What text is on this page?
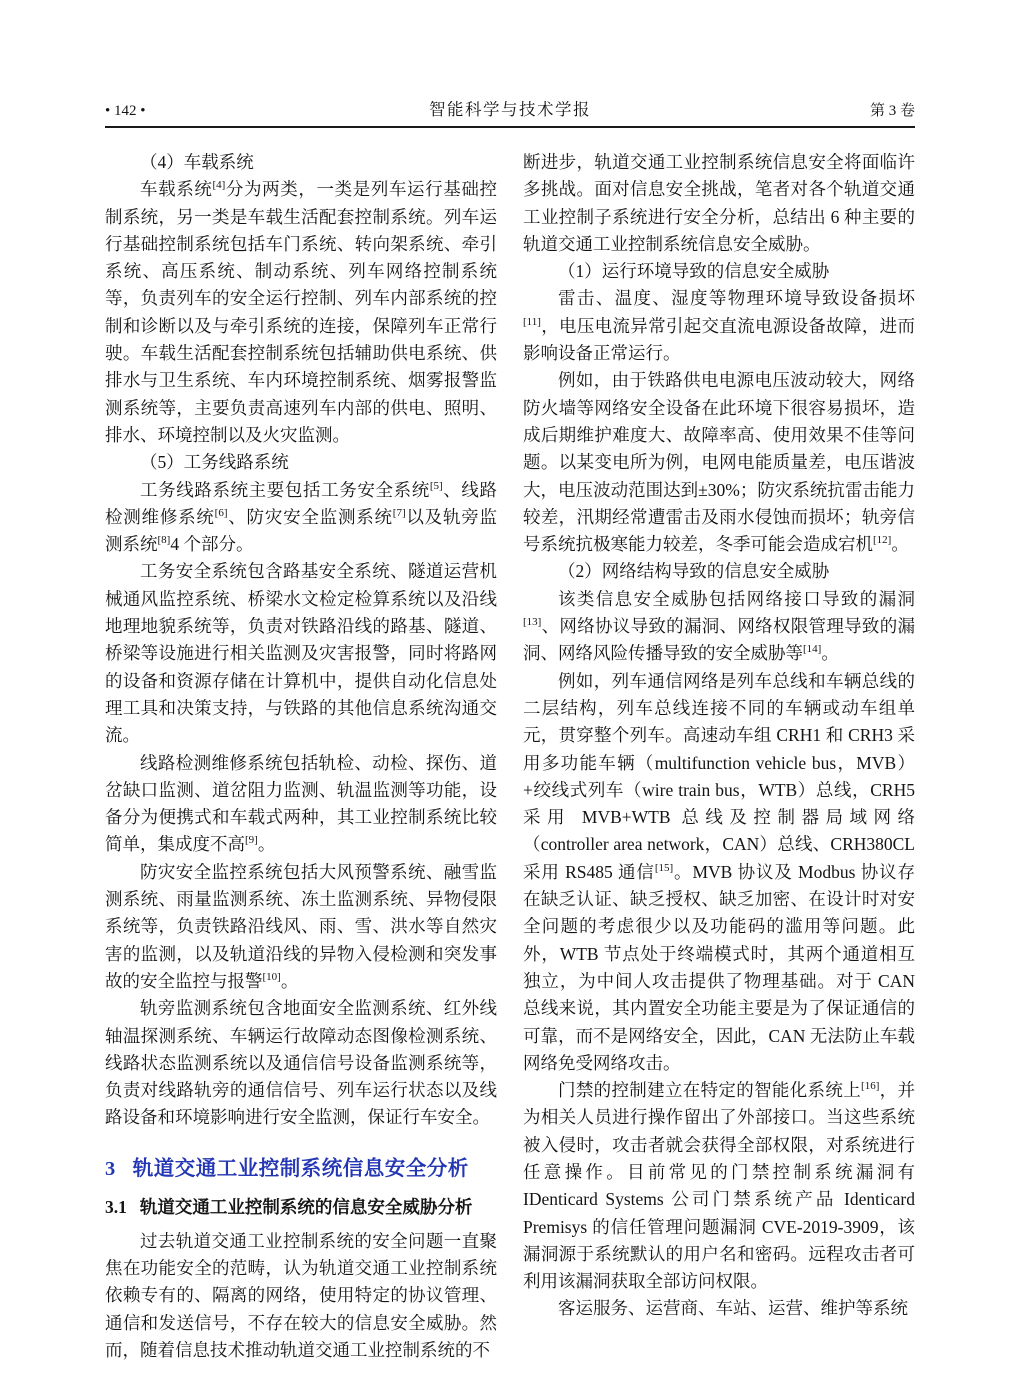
• 142 •	智能科学与技术学报	第 3 卷

（4）车载系统

车载系统[4]分为两类，一类是列车运行基础控制系统，另一类是车载生活配套控制系统。列车运行基础控制系统包括车门系统、转向架系统、牵引系统、高压系统、制动系统、列车网络控制系统等，负责列车的安全运行控制、列车内部系统的控制和诊断以及与牵引系统的连接，保障列车正常行驶。车载生活配套控制系统包括辅助供电系统、供排水与卫生系统、车内环境控制系统、烟雾报警监测系统等，主要负责高速列车内部的供电、照明、排水、环境控制以及火灾监测。

（5）工务线路系统

工务线路系统主要包括工务安全系统[5]、线路检测维修系统[6]、防灾安全监测系统[7]以及轨旁监测系统[8]4 个部分。

工务安全系统包含路基安全系统、隧道运营机械通风监控系统、桥梁水文检定检算系统以及沿线地理地貌系统等，负责对铁路沿线的路基、隧道、桥梁等设施进行相关监测及灾害报警，同时将路网的设备和资源存储在计算机中，提供自动化信息处理工具和决策支持，与铁路的其他信息系统沟通交流。

线路检测维修系统包括轨检、动检、探伤、道岔缺口监测、道岔阻力监测、轨温监测等功能，设备分为便携式和车载式两种，其工业控制系统比较简单，集成度不高[9]。

防灾安全监控系统包括大风预警系统、融雪监测系统、雨量监测系统、冻土监测系统、异物侵限系统等，负责铁路沿线风、雨、雪、洪水等自然灾害的监测，以及轨道沿线的异物入侵检测和突发事故的安全监控与报警[10]。

轨旁监测系统包含地面安全监测系统、红外线轴温探测系统、车辆运行故障动态图像检测系统、线路状态监测系统以及通信信号设备监测系统等，负责对线路轨旁的通信信号、列车运行状态以及线路设备和环境影响进行安全监测，保证行车安全。

3 轨道交通工业控制系统信息安全分析
3.1 轨道交通工业控制系统的信息安全威胁分析

过去轨道交通工业控制系统的安全问题一直聚焦在功能安全的范畴，认为轨道交通工业控制系统依赖专有的、隔离的网络，使用特定的协议管理、通信和发送信号，不存在较大的信息安全威胁。然而，随着信息技术推动轨道交通工业控制系统的不

断进步，轨道交通工业控制系统信息安全将面临许多挑战。面对信息安全挑战，笔者对各个轨道交通工业控制子系统进行安全分析，总结出 6 种主要的轨道交通工业控制系统信息安全威胁。

（1）运行环境导致的信息安全威胁

雷击、温度、湿度等物理环境导致设备损坏[11]，电压电流异常引起交直流电源设备故障，进而影响设备正常运行。

例如，由于铁路供电电源电压波动较大，网络防火墙等网络安全设备在此环境下很容易损坏，造成后期维护难度大、故障率高、使用效果不佳等问题。以某变电所为例，电网电能质量差，电压谐波大，电压波动范围达到±30%；防灾系统抗雷击能力较差，汛期经常遭雷击及雨水侵蚀而损坏；轨旁信号系统抗极寒能力较差，冬季可能会造成宕机[12]。

（2）网络结构导致的信息安全威胁

该类信息安全威胁包括网络接口导致的漏洞[13]、网络协议导致的漏洞、网络权限管理导致的漏洞、网络风险传播导致的安全威胁等[14]。

例如，列车通信网络是列车总线和车辆总线的二层结构，列车总线连接不同的车辆或动车组单元，贯穿整个列车。高速动车组 CRH1 和 CRH3 采用多功能车辆（multifunction vehicle bus，MVB）+绞线式列车（wire train bus，WTB）总线，CRH5 采用 MVB+WTB 总线及控制器局域网络（controller area network，CAN）总线、CRH380CL 采用 RS485 通信[15]。MVB 协议及 Modbus 协议存在缺乏认证、缺乏授权、缺乏加密、在设计时对安全问题的考虑很少以及功能码的滥用等问题。此外，WTB 节点处于终端模式时，其两个通道相互独立，为中间人攻击提供了物理基础。对于 CAN 总线来说，其内置安全功能主要是为了保证通信的可靠，而不是网络安全，因此，CAN 无法防止车载网络免受网络攻击。

门禁的控制建立在特定的智能化系统上[16]，并为相关人员进行操作留出了外部接口。当这些系统被入侵时，攻击者就会获得全部权限，对系统进行任意操作。目前常见的门禁控制系统漏洞有 IDenticard Systems 公司门禁系统产品 Identicard Premisys 的信任管理问题漏洞 CVE-2019-3909，该漏洞源于系统默认的用户名和密码。远程攻击者可利用该漏洞获取全部访问权限。

客运服务、运营商、车站、运营、维护等系统
